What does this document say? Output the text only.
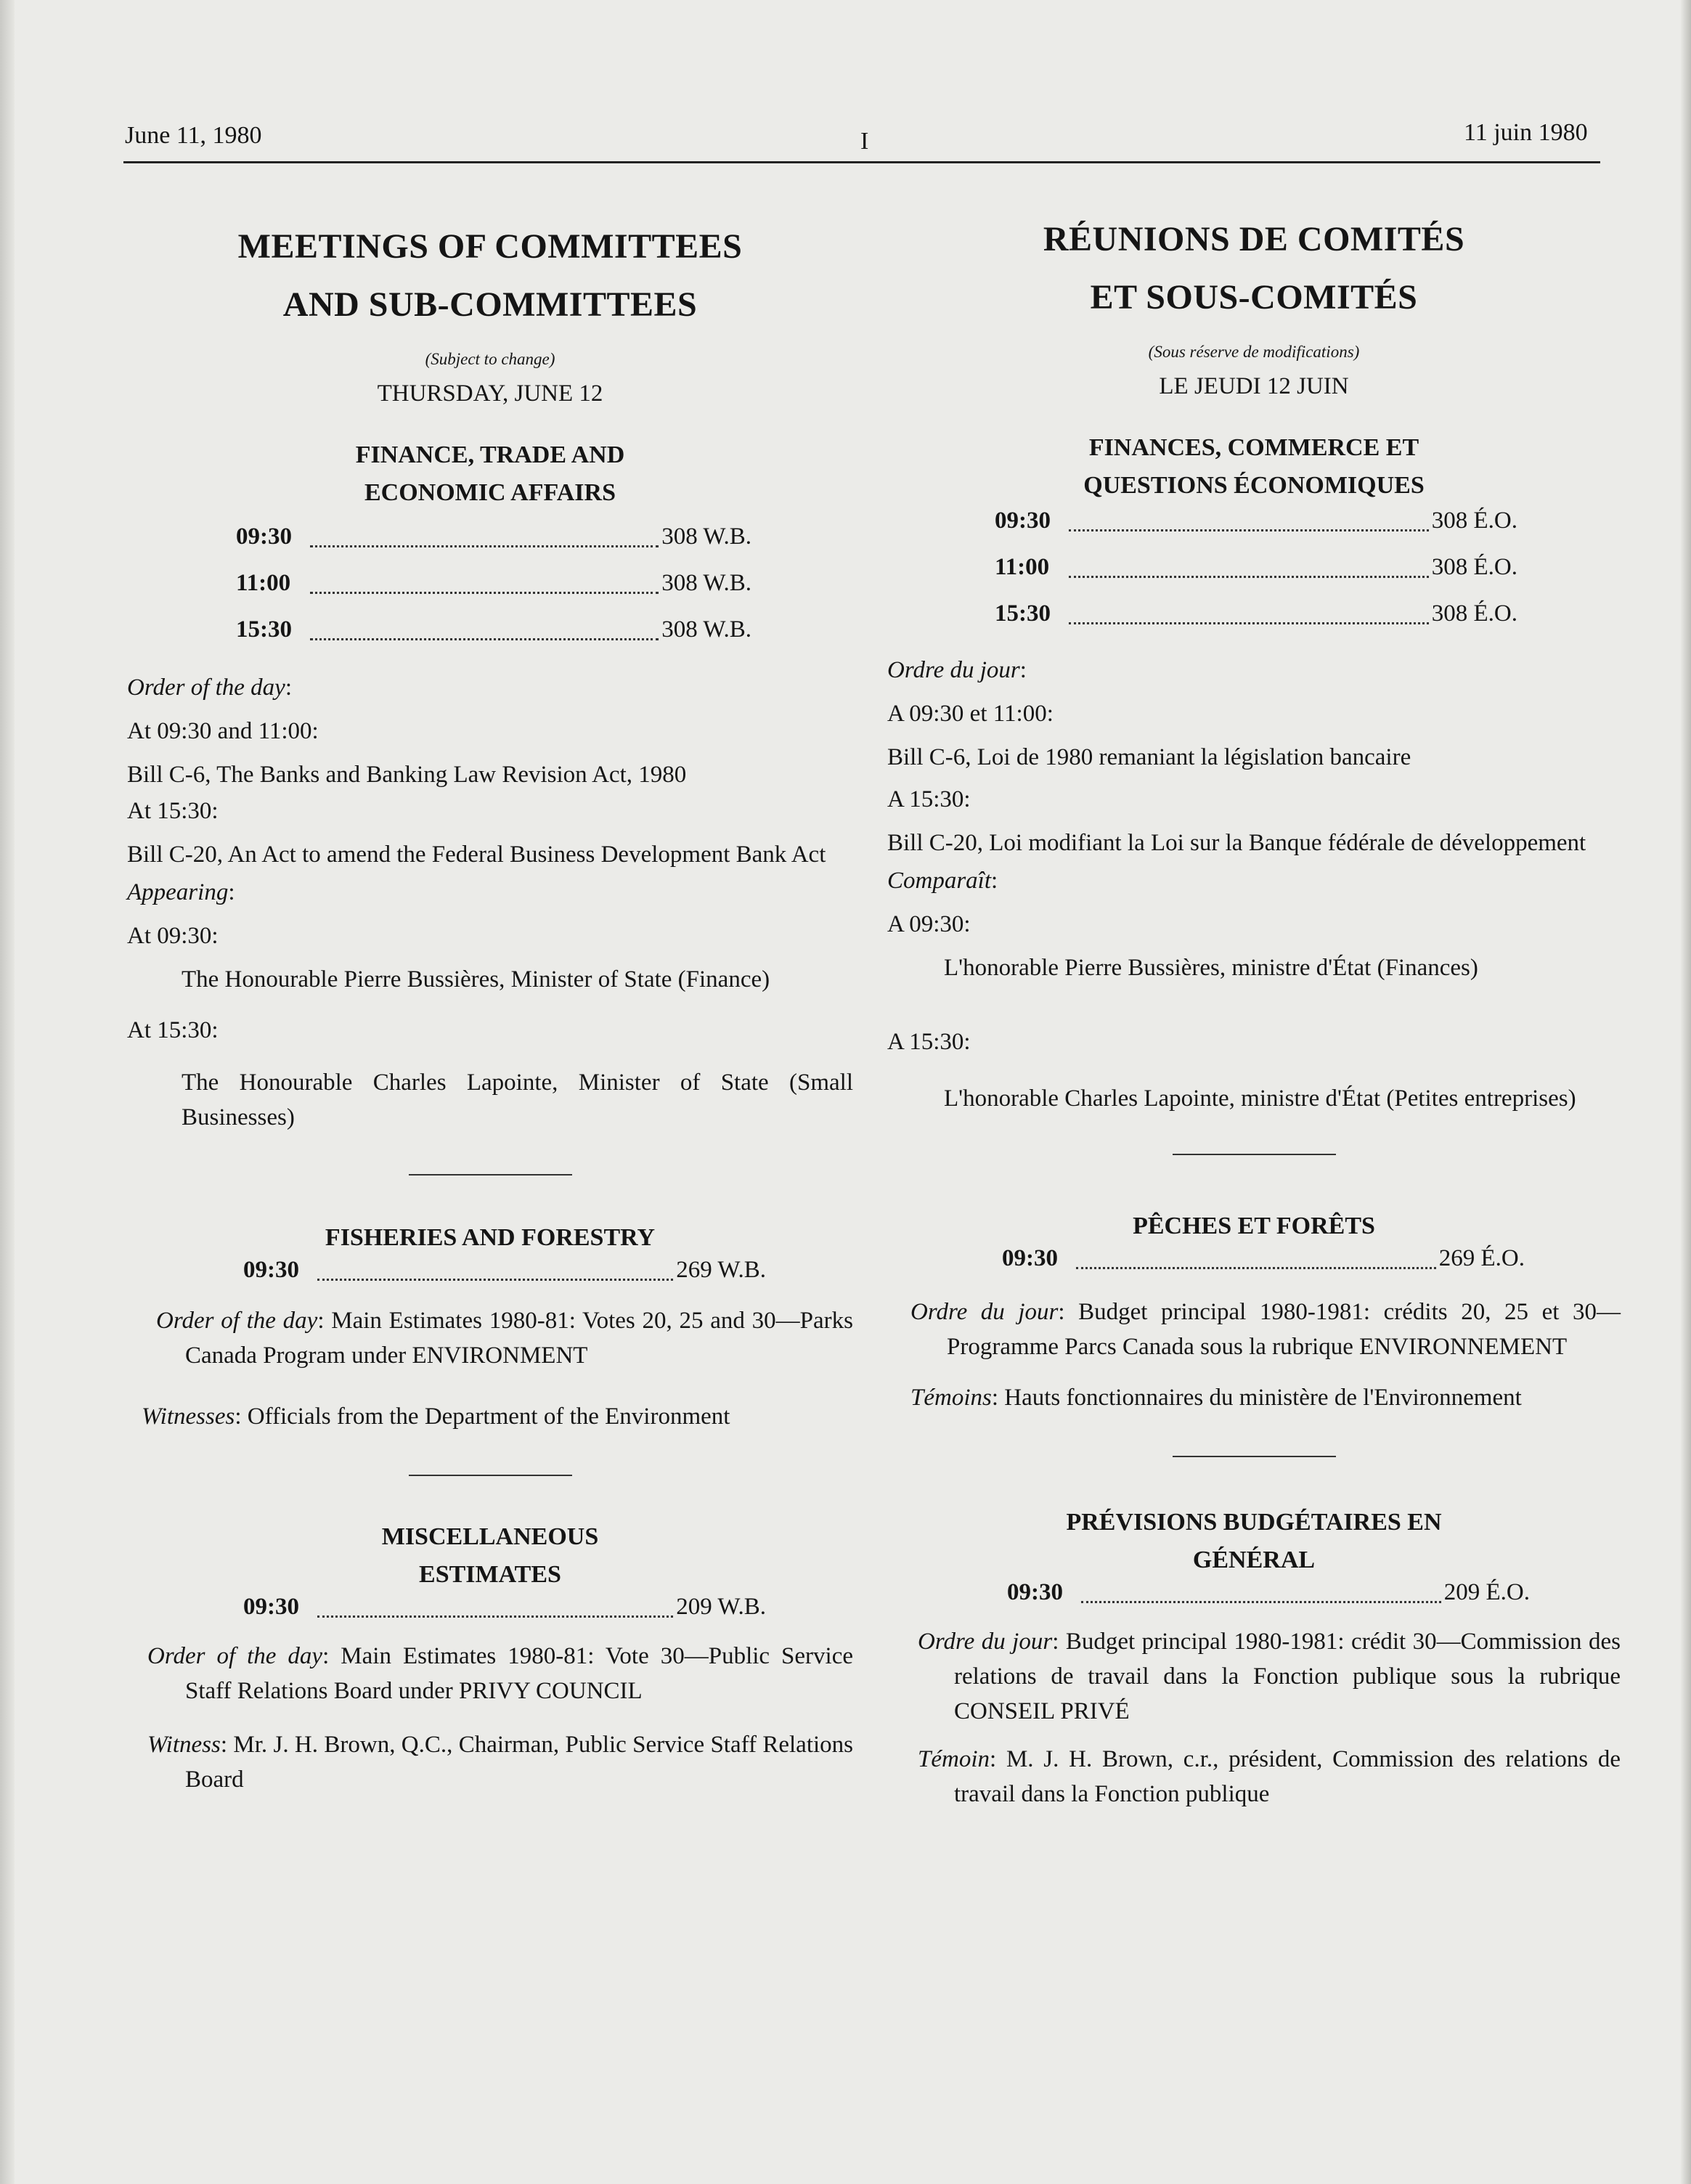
June 11, 1980	I	11 juin 1980
MEETINGS OF COMMITTEES
AND SUB-COMMITTEES
(Subject to change)
THURSDAY, JUNE 12
FINANCE, TRADE AND
ECONOMIC AFFAIRS
09:30	308 W.B.
11:00	308 W.B.
15:30	308 W.B.
Order of the day:
At 09:30 and 11:00:
Bill C-6, The Banks and Banking Law Revision Act, 1980
At 15:30:
Bill C-20, An Act to amend the Federal Business Development Bank Act
Appearing:
At 09:30:
The Honourable Pierre Bussières, Minister of State (Finance)
At 15:30:
The Honourable Charles Lapointe, Minister of State (Small Businesses)
FISHERIES AND FORESTRY
09:30	269 W.B.
Order of the day: Main Estimates 1980-81: Votes 20, 25 and 30—Parks Canada Program under ENVIRONMENT
Witnesses: Officials from the Department of the Environment
MISCELLANEOUS
ESTIMATES
09:30	209 W.B.
Order of the day: Main Estimates 1980-81: Vote 30—Public Service Staff Relations Board under PRIVY COUNCIL
Witness: Mr. J. H. Brown, Q.C., Chairman, Public Service Staff Relations Board
RÉUNIONS DE COMITÉS
ET SOUS-COMITÉS
(Sous réserve de modifications)
LE JEUDI 12 JUIN
FINANCES, COMMERCE ET
QUESTIONS ÉCONOMIQUES
09:30	308 É.O.
11:00	308 É.O.
15:30	308 É.O.
Ordre du jour:
A 09:30 et 11:00:
Bill C-6, Loi de 1980 remaniant la législation bancaire
A 15:30:
Bill C-20, Loi modifiant la Loi sur la Banque fédérale de développement
Comparaît:
A 09:30:
L'honorable Pierre Bussières, ministre d'État (Finances)
A 15:30:
L'honorable Charles Lapointe, ministre d'État (Petites entreprises)
PÊCHES ET FORÊTS
09:30	269 É.O.
Ordre du jour: Budget principal 1980-1981: crédits 20, 25 et 30—Programme Parcs Canada sous la rubrique ENVIRONNEMENT
Témoins: Hauts fonctionnaires du ministère de l'Environnement
PRÉVISIONS BUDGÉTAIRES EN
GÉNÉRAL
09:30	209 É.O.
Ordre du jour: Budget principal 1980-1981: crédit 30—Commission des relations de travail dans la Fonction publique sous la rubrique CONSEIL PRIVÉ
Témoin: M. J. H. Brown, c.r., président, Commission des relations de travail dans la Fonction publique
